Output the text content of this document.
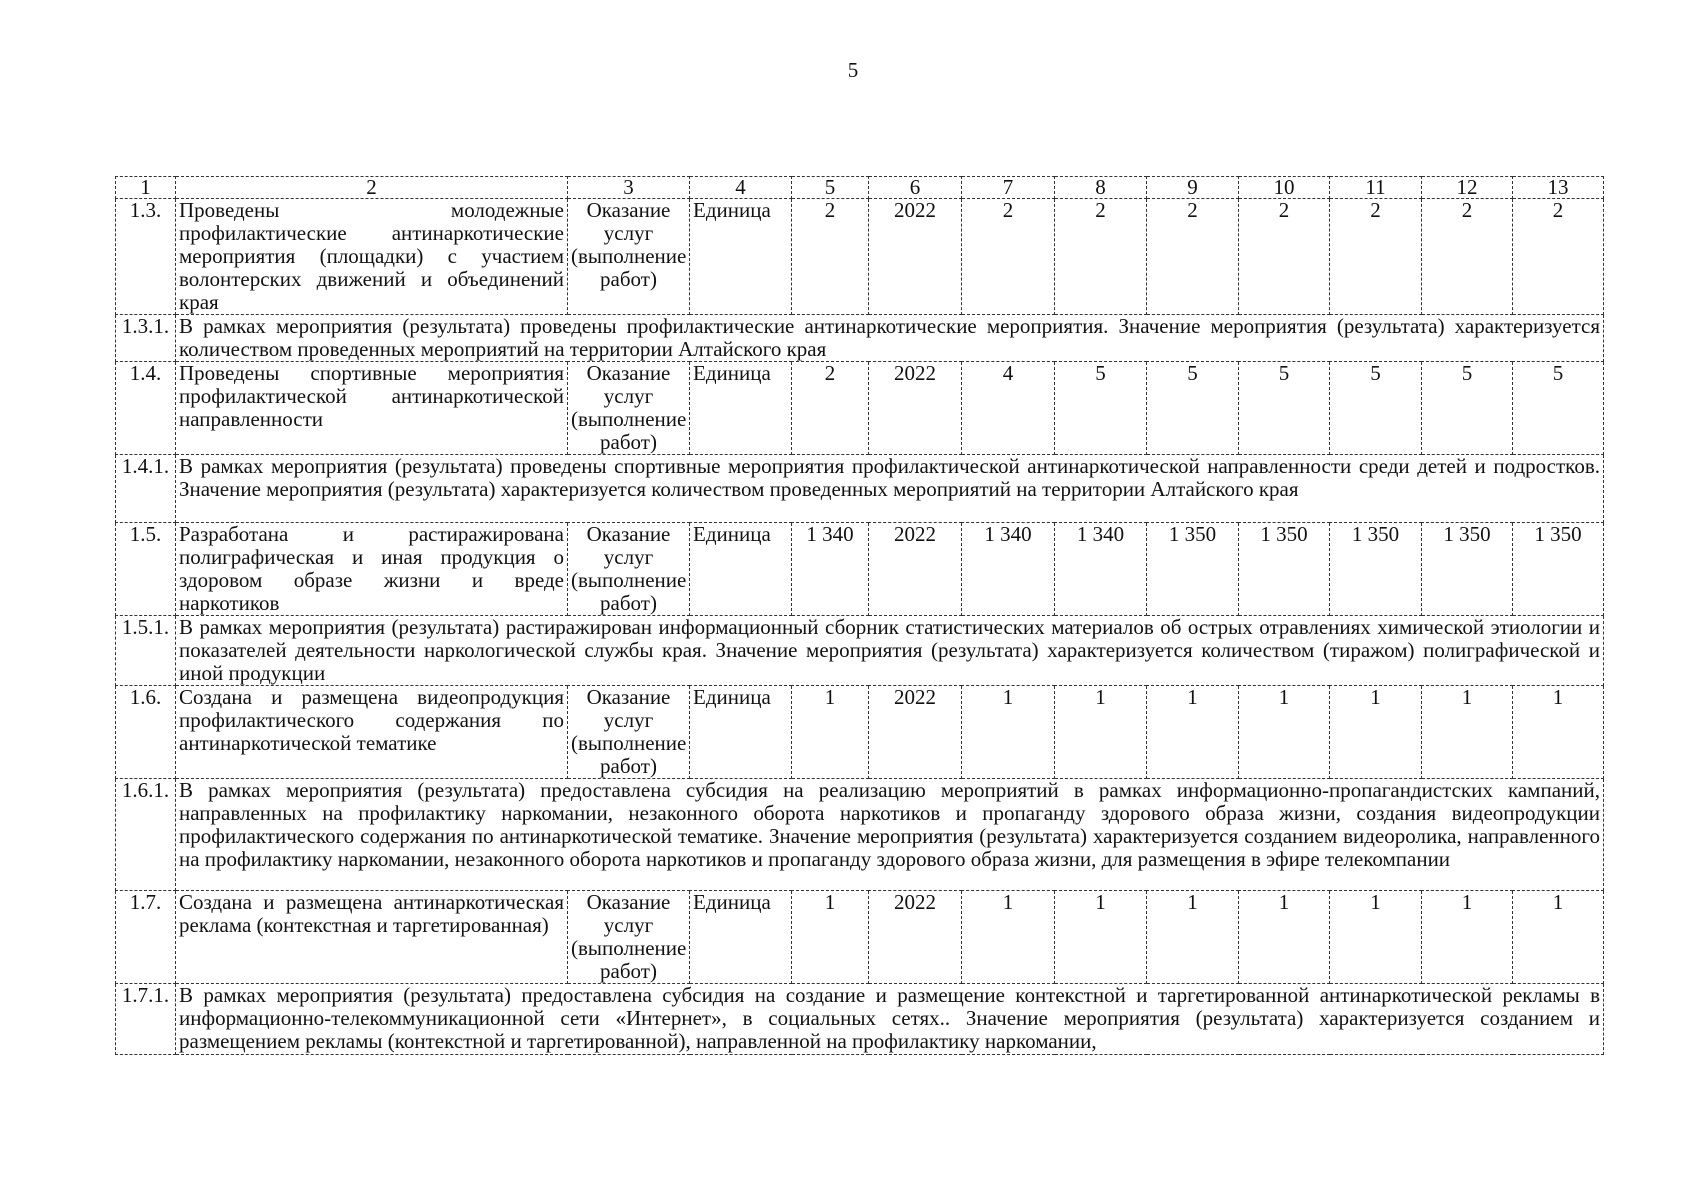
5
1	2	3	4	5	6	7	8	9	10	11	12	13
1.3.	Проведены молодежные профилактические антинаркотические мероприятия (площадки) с участием волонтерских движений и объединений края	Оказание услуг (выполнение работ)	Единица	2	2022	2	2	2	2	2	2	2
1.3.1.	В рамках мероприятия (результата) проведены профилактические антинаркотические мероприятия. Значение мероприятия (результата) характеризуется количеством проведенных мероприятий на территории Алтайского края											
1.4.	Проведены спортивные мероприятия профилактической антинаркотической направленности	Оказание услуг (выполнение работ)	Единица	2	2022	4	5	5	5	5	5	5
1.4.1.	В рамках мероприятия (результата) проведены спортивные мероприятия профилактической антинаркотической направленности среди детей и подростков. Значение мероприятия (результата) характеризуется количеством проведенных мероприятий на территории Алтайского края											
1.5.	Разработана и растиражирована полиграфическая и иная продукция о здоровом образе жизни и вреде наркотиков	Оказание услуг (выполнение работ)	Единица	1 340	2022	1 340	1 340	1 350	1 350	1 350	1 350	1 350
1.5.1.	В рамках мероприятия (результата) растиражирован информационный сборник статистических материалов об острых отравлениях химической этиологии и показателей деятельности наркологической службы края. Значение мероприятия (результата) характеризуется количеством (тиражом) полиграфической и иной продукции											
1.6.	Создана и размещена видеопродукция профилактического содержания по антинаркотической тематике	Оказание услуг (выполнение работ)	Единица	1	2022	1	1	1	1	1	1	1
1.6.1.	В рамках мероприятия (результата) предоставлена субсидия на реализацию мероприятий в рамках информационно-пропагандистских кампаний, направленных на профилактику наркомании, незаконного оборота наркотиков и пропаганду здорового образа жизни, создания видеопродукции профилактического содержания по антинаркотической тематике. Значение мероприятия (результата) характеризуется созданием видеоролика, направленного на профилактику наркомании, незаконного оборота наркотиков и пропаганду здорового образа жизни, для размещения в эфире телекомпании											
1.7.	Создана и размещена антинаркотическая реклама (контекстная и таргетированная)	Оказание услуг (выполнение работ)	Единица	1	2022	1	1	1	1	1	1	1
1.7.1.	В рамках мероприятия (результата) предоставлена субсидия на создание и размещение контекстной и таргетированной антинаркотической рекламы в информационно-телекоммуникационной сети «Интернет», в социальных сетях.. Значение мероприятия (результата) характеризуется созданием и размещением рекламы (контекстной и таргетированной), направленной на профилактику наркомании,											
